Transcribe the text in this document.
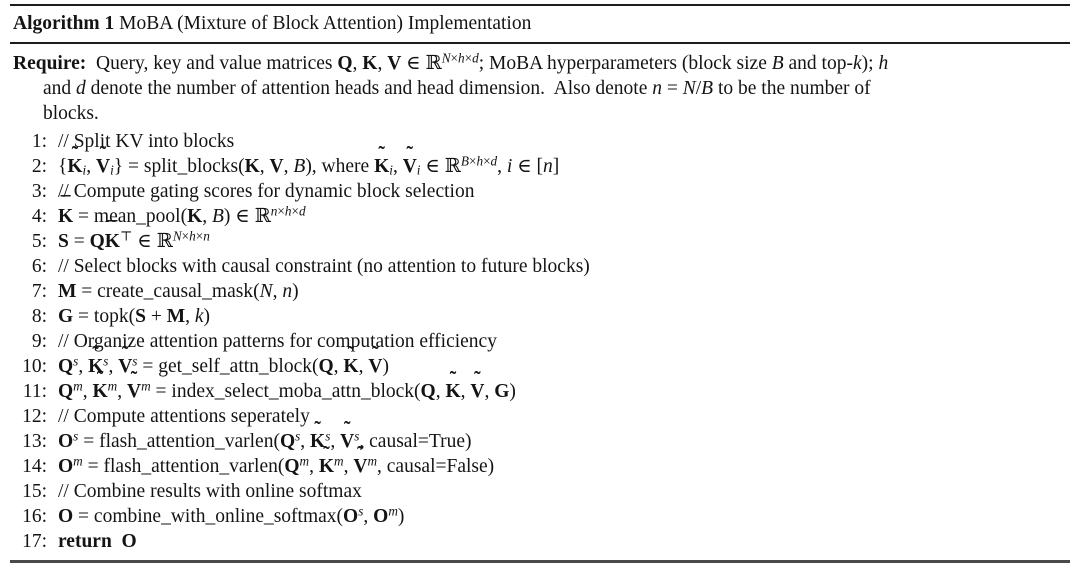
Algorithm 1 MoBA (Mixture of Block Attention) Implementation
Require:  Query, key and value matrices Q, K, V ∈ ℝ$^{N\times h\times d}$; MoBA hyperparameters (block size B and top-k); h
and d denote the number of attention heads and head dimension.  Also denote n = N/B to be the number of
blocks.
1: // Split KV into blocks
2: {K ˜i, V ˜i} = split_blocks(K, V, B), where K ˜i, V ˜i ∈ ℝ$^{B\times h\times d}$, i ∈ [n]
3: // Compute gating scores for dynamic block selection
4: K ¯ = mean_pool(K, B) ∈ ℝ$^{n\times h\times d}$
5: S = QK ¯⊤ ∈ ℝ$^{N\times h\times n}$
6: // Select blocks with causal constraint (no attention to future blocks)
7: M = create_causal_mask(N, n)
8: G = topk(S + M, k)
9: // Organize attention patterns for computation efficiency
10: $Q^s$, K ˜$^s$, V ˜$^s$ = get_self_attn_block(Q, K ˜, V ˜)
11: $Q^m$, K ˜$^m$, V ˜$^m$ = index_select_moba_attn_block(Q, K ˜, V ˜, G)
12: // Compute attentions seperately
13: $O^s$ = $flash\_attention\_varlen(Q^s$, K ˜$^s$, V ˜$^s$, causal=True)
14: $O^m$ = $flash\_attention\_varlen(Q^m$, K ˜$^m$, V ˜$^m$, causal=False)
15: // Combine results with online softmax
16: $O = combine\_with\_online\_softmax(O^s$, $O^m$)
17: return O
